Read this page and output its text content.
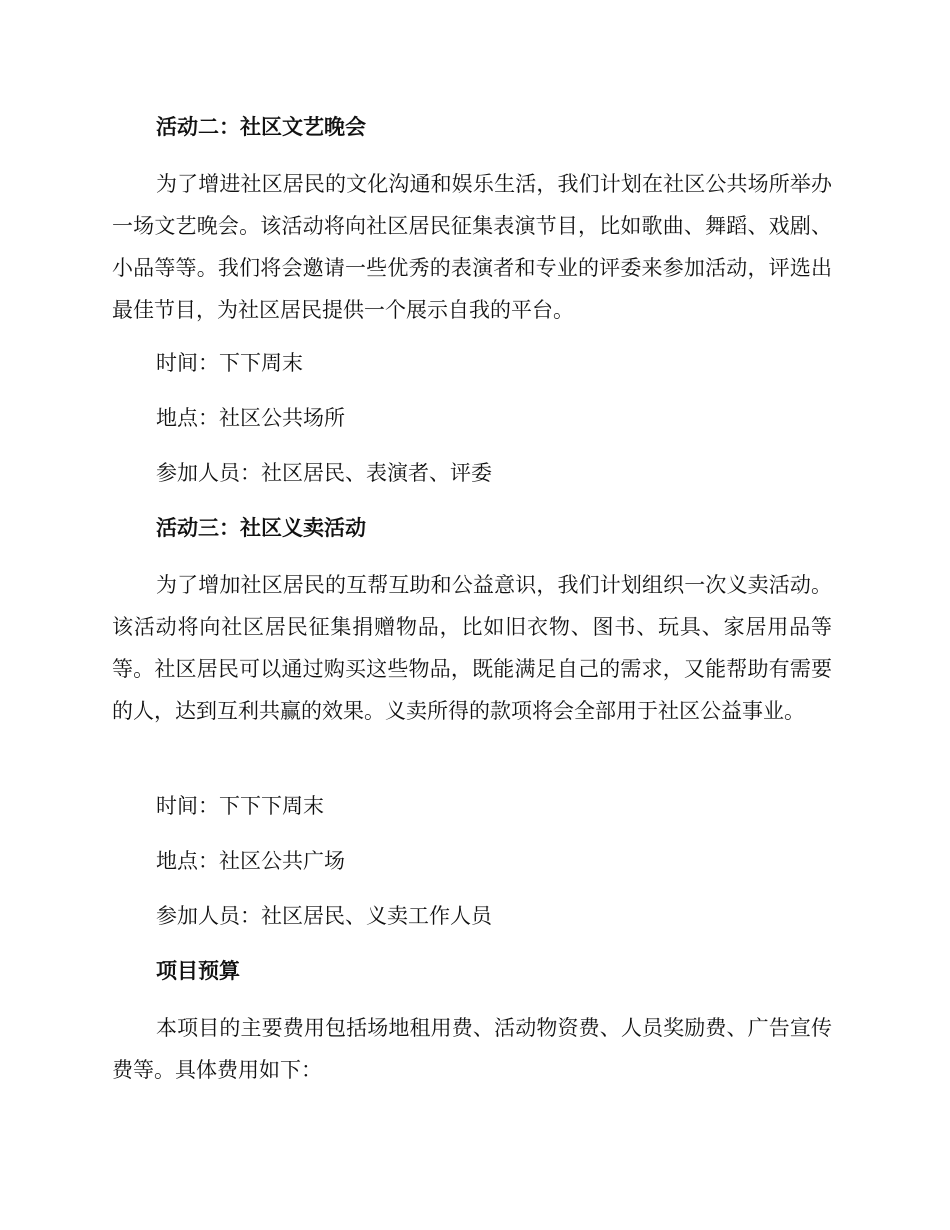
活动二：社区文艺晚会
为了增进社区居民的文化沟通和娱乐生活，我们计划在社区公共场所举办一场文艺晚会。该活动将向社区居民征集表演节目，比如歌曲、舞蹈、戏剧、小品等等。我们将会邀请一些优秀的表演者和专业的评委来参加活动，评选出最佳节目，为社区居民提供一个展示自我的平台。
时间：下下周末
地点：社区公共场所
参加人员：社区居民、表演者、评委
活动三：社区义卖活动
为了增加社区居民的互帮互助和公益意识，我们计划组织一次义卖活动。该活动将向社区居民征集捐赠物品，比如旧衣物、图书、玩具、家居用品等等。社区居民可以通过购买这些物品，既能满足自己的需求，又能帮助有需要的人，达到互利共赢的效果。义卖所得的款项将会全部用于社区公益事业。
时间：下下下周末
地点：社区公共广场
参加人员：社区居民、义卖工作人员
项目预算
本项目的主要费用包括场地租用费、活动物资费、人员奖励费、广告宣传费等。具体费用如下：
